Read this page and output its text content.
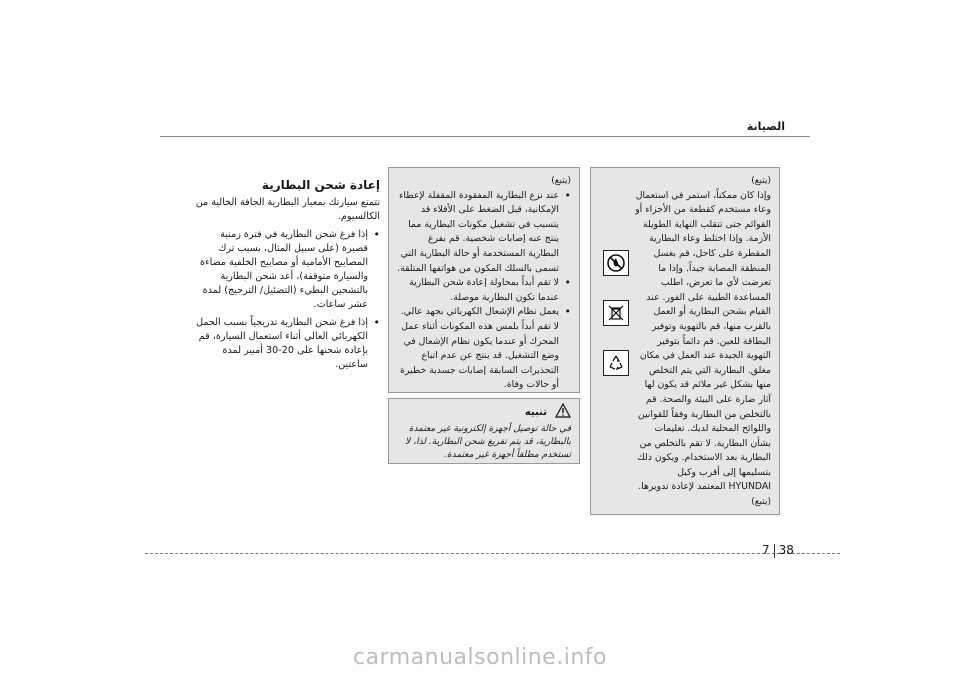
الصيانة

(يتبع)

وإذا كان ممكناً، استمر في استعمال وعاء مستخدم كقطعة من الأجزاء أو القوائم حتى تتقلب النهاية الطويلة الأزمة. وإذا اختلط وعاء البطارية المقطرة على كاحل، قم بغسل المنطقة المصابة جيداً. وإذا ما تعرضت لأي ما تعرض، اطلب المساعدة الطبية على الفور. عند القيام بشحن البطارية أو العمل بالقرب منها، قم بالتهوية وتوفير البطاقة للعين. قم دائماً بتوفير التهوية الجيدة عند العمل في مكان مغلق. البطارية التي يتم التخلص منها بشكل غير ملائم قد يكون لها آثار ضارة على البيئة والصحة. قم بالتخلص من البطارية وفقاً للقوانين واللوائح المحلية لديك. تعليمات بشأن البطارية. لا تقم بالتخلص من البطارية بعد الاستخدام. ويكون ذلك بتسليمها إلى أقرب وكيل HYUNDAI المعتمد لإعادة تدويرها.

(يتبع)

(يتبع)

• عند نزع البطارية المفقودة المقفلة لإعطاء الإمكانية، قبل الضغط على الأقلاء قد يتسبب في تشغيل مكونات البطارية مما ينتج عنه إصابات شخصية. قم بفرغ البطارية المستخدمة أو حالة البطارية التي تسمى بالسلك المكون من هواتفها المتلقة.
• لا تقم أبداً بمحاولة إعادة شحن البطارية عندما تكون البطارية موصلة.
• يعمل نظام الإشعال الكهربائي بجهد عالي. لا تقم أبداً بلمس هذه المكونات أثناء عمل المحرك أو عندما يكون نظام الإشعال في وضع التشغيل. قد ينتج عن عدم اتباع التحذيرات السابقة إصابات جسدية خطيرة أو حالات وفاة.
تنبيه

في حالة توصيل أجهزة إلكترونية غير معتمدة بالبطارية، قد يتم تفريغ شحن البطارية. لذا، لا تستخدم مطلقاً أجهزة غير معتمدة.

إعادة شحن البطارية

تتمتع سيارتك بمعيار البطارية الجافة الخالية من الكالسيوم.

• إذا فرغ شحن البطارية في فترة زمنية قصيرة (على سبيل المثال، بسبب ترك المصابيح الأمامية أو مصابيح الخلفية مضاءة والسيارة متوقفة)، أعد شحن البطارية بالتشحين البطيء (التضئيل/ الترجيج) لمدة عشر ساعات.
• إذا فرغ شحن البطارية تدريجياً بسبب الحمل الكهربائي العالي أثناء استعمال السيارة، قم بإعادة شحنها على 20-30 أمبير لمدة ساعتين.
7 38
carmanualsonline.info
